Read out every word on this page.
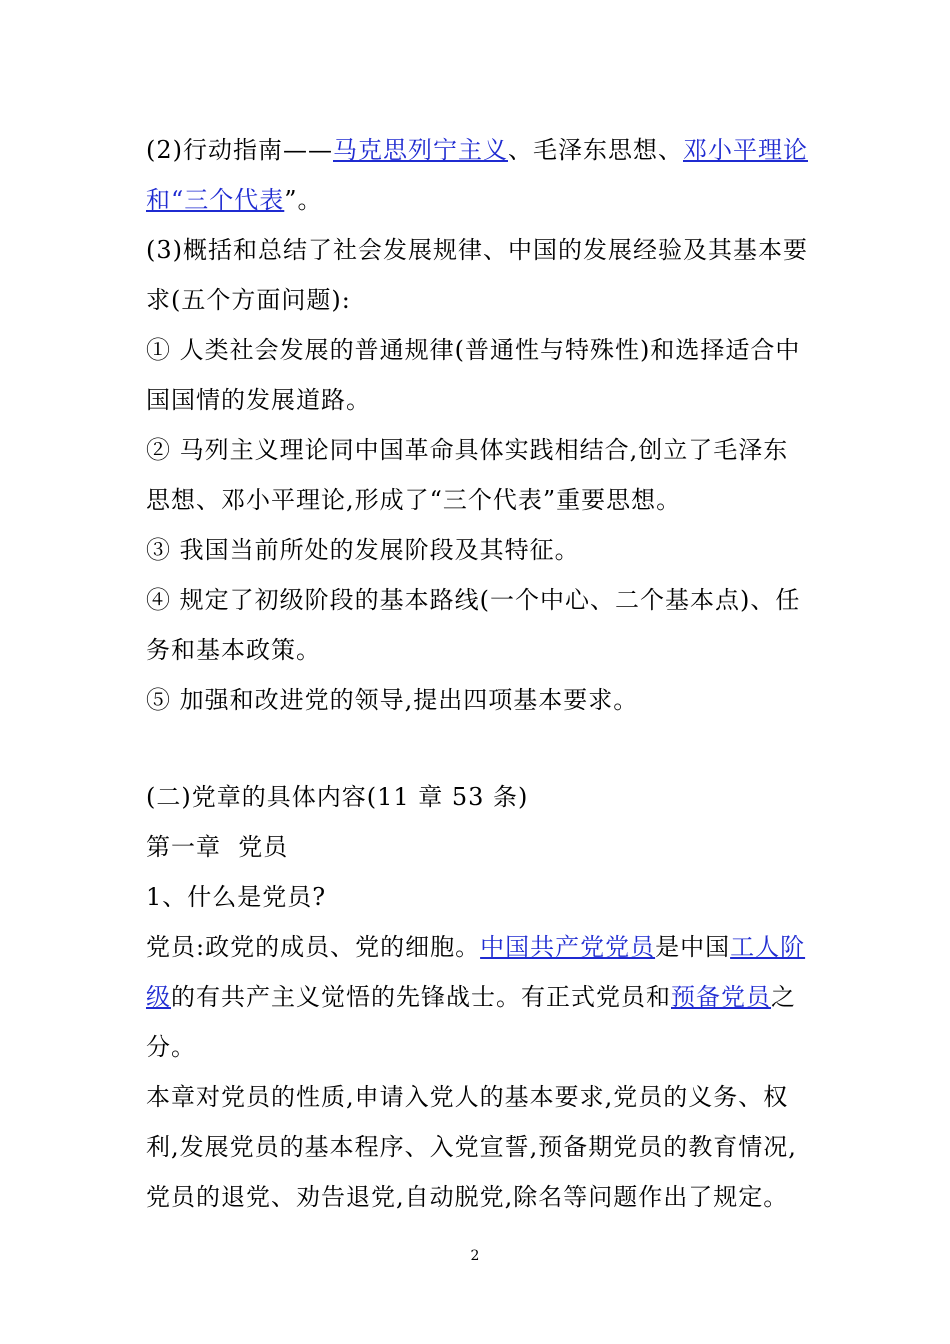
(2)行动指南——马克思列宁主义、毛泽东思想、邓小平理论和“三个代表”。

(3)概括和总结了社会发展规律、中国的发展经验及其基本要求(五个方面问题):

① 人类社会发展的普通规律(普通性与特殊性)和选择适合中国国情的发展道路。

② 马列主义理论同中国革命具体实践相结合,创立了毛泽东思想、邓小平理论,形成了“三个代表”重要思想。

③ 我国当前所处的发展阶段及其特征。

④ 规定了初级阶段的基本路线(一个中心、二个基本点)、任务和基本政策。

⑤ 加强和改进党的领导,提出四项基本要求。

(二)党章的具体内容(11 章 53 条)

第一章  党员

1、什么是党员?

党员:政党的成员、党的细胞。中国共产党党员是中国工人阶级的有共产主义觉悟的先锋战士。有正式党员和预备党员之分。

本章对党员的性质,申请入党人的基本要求,党员的义务、权利,发展党员的基本程序、入党宣誓,预备期党员的教育情况,党员的退党、劝告退党,自动脱党,除名等问题作出了规定。

2
